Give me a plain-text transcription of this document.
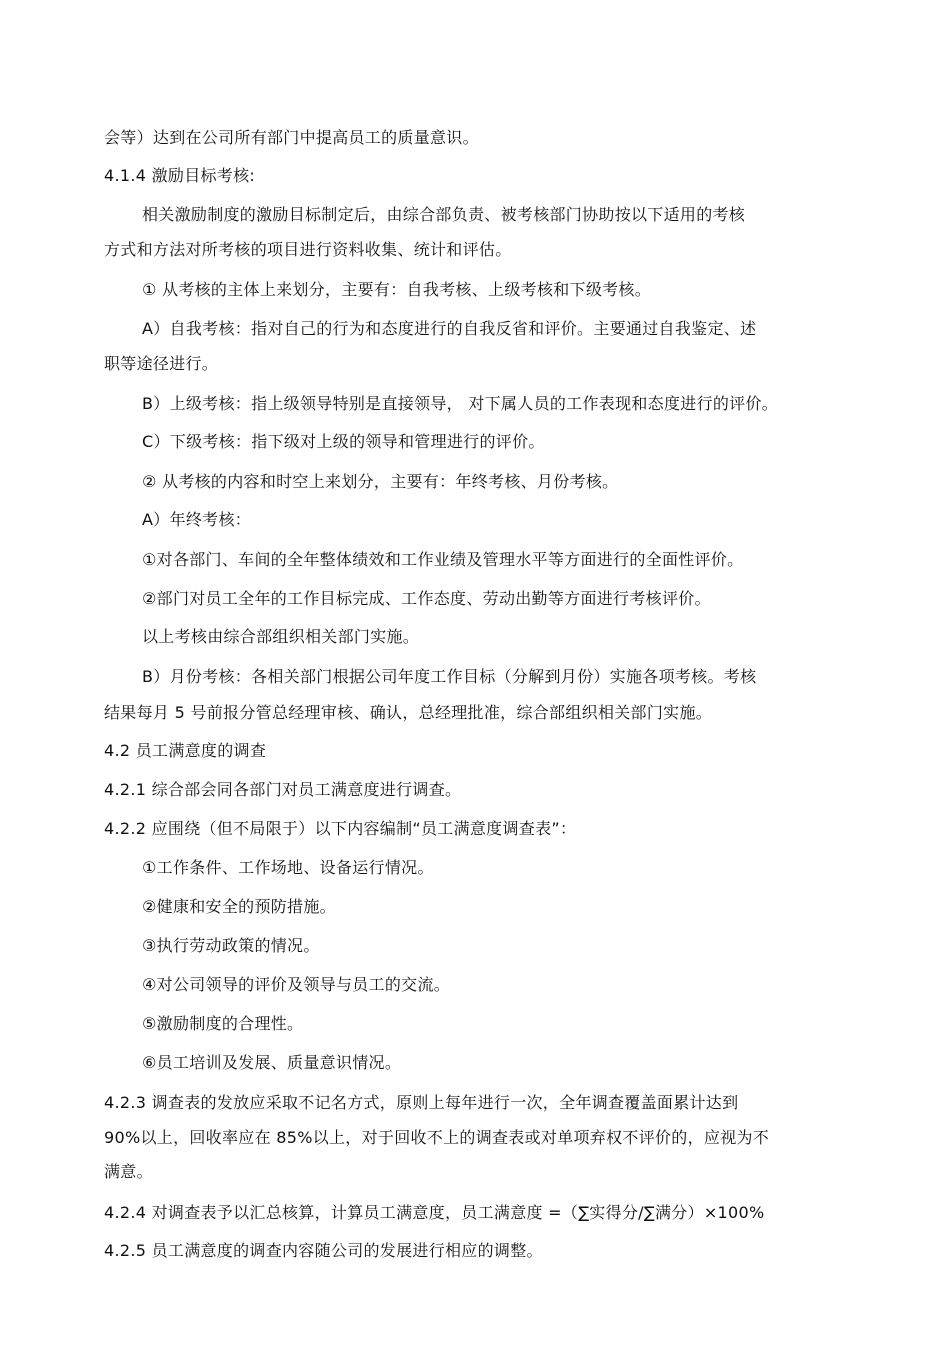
会等）达到在公司所有部门中提高员工的质量意识。
4.1.4 激励目标考核:
相关激励制度的激励目标制定后，由综合部负责、被考核部门协助按以下适用的考核
方式和方法对所考核的项目进行资料收集、统计和评估。
① 从考核的主体上来划分，主要有：自我考核、上级考核和下级考核。
A）自我考核：指对自己的行为和态度进行的自我反省和评价。主要通过自我鉴定、述
职等途径进行。
B）上级考核：指上级领导特别是直接领导， 对下属人员的工作表现和态度进行的评价。
C）下级考核：指下级对上级的领导和管理进行的评价。
② 从考核的内容和时空上来划分，主要有：年终考核、月份考核。
A）年终考核：
①对各部门、车间的全年整体绩效和工作业绩及管理水平等方面进行的全面性评价。
②部门对员工全年的工作目标完成、工作态度、劳动出勤等方面进行考核评价。
以上考核由综合部组织相关部门实施。
B）月份考核：各相关部门根据公司年度工作目标（分解到月份）实施各项考核。考核
结果每月 5 号前报分管总经理审核、确认，总经理批准，综合部组织相关部门实施。
4.2 员工满意度的调查
4.2.1 综合部会同各部门对员工满意度进行调查。
4.2.2 应围绕（但不局限于）以下内容编制“员工满意度调查表”：
①工作条件、工作场地、设备运行情况。
②健康和安全的预防措施。
③执行劳动政策的情况。
④对公司领导的评价及领导与员工的交流。
⑤激励制度的合理性。
⑥员工培训及发展、质量意识情况。
4.2.3 调查表的发放应采取不记名方式，原则上每年进行一次，全年调查覆盖面累计达到
90%以上，回收率应在 85%以上，对于回收不上的调查表或对单项弃权不评价的，应视为不
满意。
4.2.4 对调查表予以汇总核算，计算员工满意度，员工满意度 =（∑实得分/∑满分）×100%
4.2.5 员工满意度的调查内容随公司的发展进行相应的调整。
